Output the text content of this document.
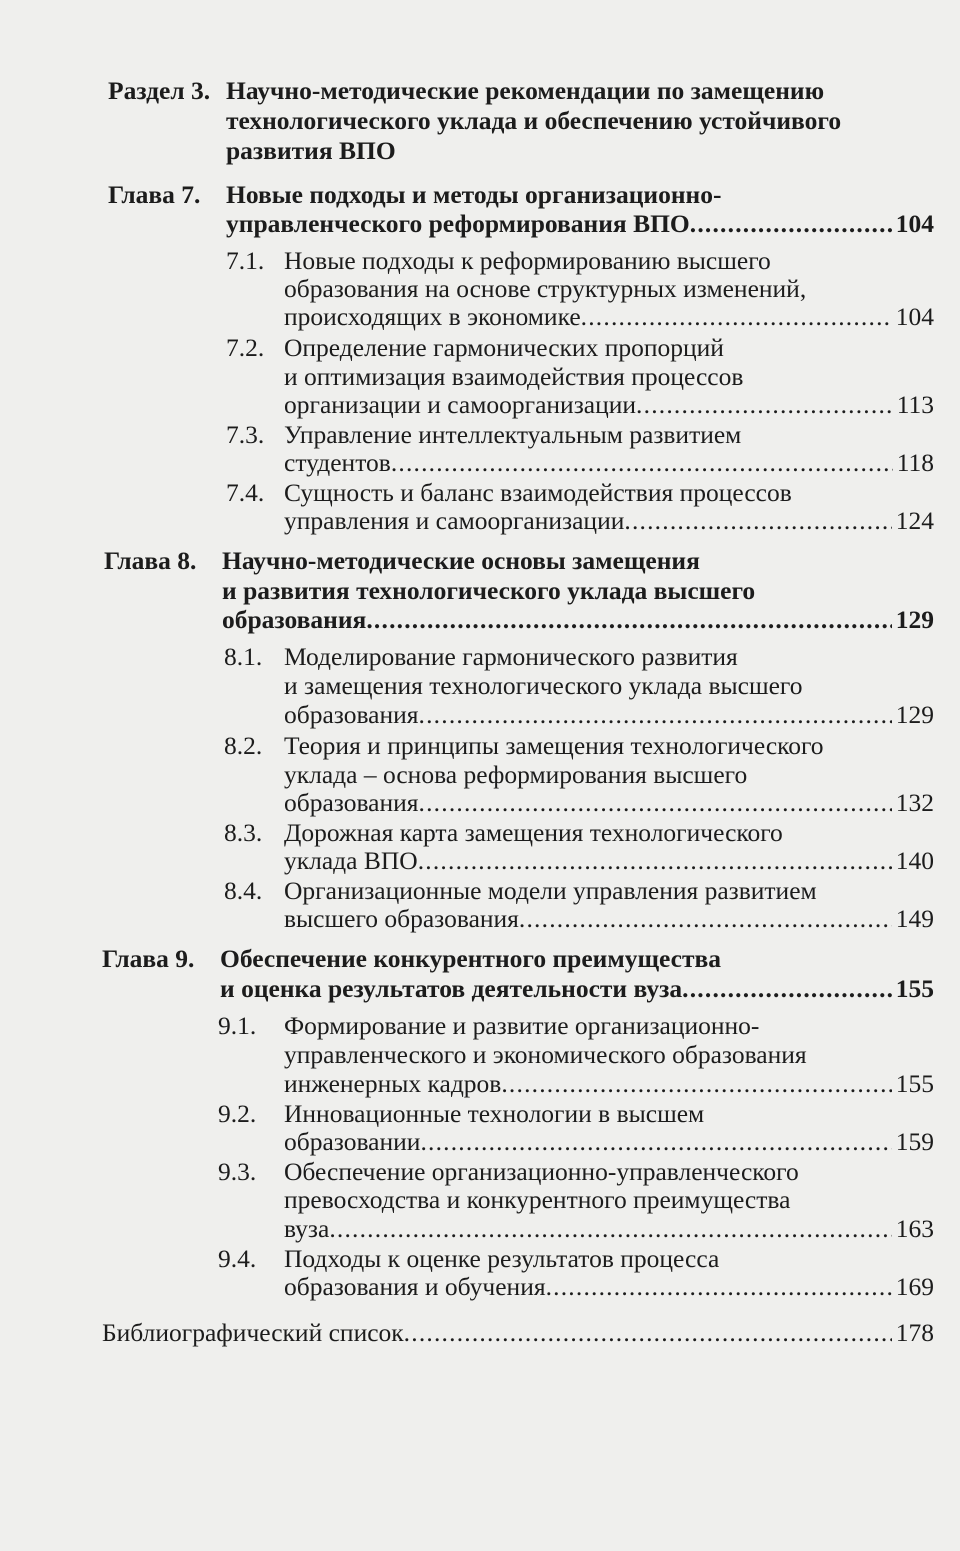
Раздел 3. Научно-методические рекомендации по замещению
технологического уклада и обеспечению устойчивого
развития ВПО
Глава 7. Новые подходы и методы организационно-
управленческого реформирования ВПО .....	104
7.1. Новые подходы к реформированию высшего
образования на основе структурных изменений,
происходящих в экономике .....	104
7.2. Определение гармонических пропорций
и оптимизация взаимодействия процессов
организации и самоорганизации .....	113
7.3. Управление интеллектуальным развитием
студентов .....	118
7.4. Сущность и баланс взаимодействия процессов
управления и самоорганизации .....	124
Глава 8. Научно-методические основы замещения
и развития технологического уклада высшего
образования .....	129
8.1. Моделирование гармонического развития
и замещения технологического уклада высшего
образования .....	129
8.2. Теория и принципы замещения технологического
уклада – основа реформирования высшего
образования .....	132
8.3. Дорожная карта замещения технологического
уклада ВПО .....	140
8.4. Организационные модели управления развитием
высшего образования .....	149
Глава 9. Обеспечение конкурентного преимущества
и оценка результатов деятельности вуза .....	155
9.1. Формирование и развитие организационно-
управленческого и экономического образования
инженерных кадров .....	155
9.2. Инновационные технологии в высшем
образовании .....	159
9.3. Обеспечение организационно-управленческого
превосходства и конкурентного преимущества
вуза .....	163
9.4. Подходы к оценке результатов процесса
образования и обучения .....	169
Библиографический список .....	178
